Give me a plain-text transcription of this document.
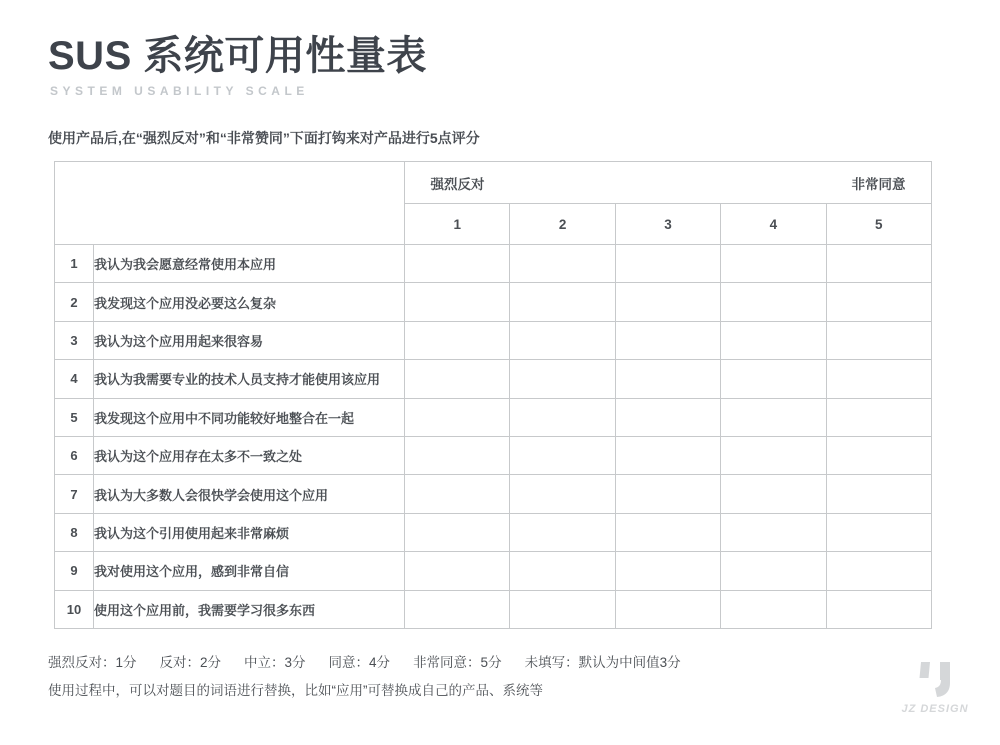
SUS 系统可用性量表
SYSTEM USABILITY SCALE

使用产品后,在“强烈反对”和“非常赞同”下面打钩来对产品进行5点评分

		强烈反对 非常同意				

		1	2	3	4	5
1	我认为我会愿意经常使用本应用					
2	我发现这个应用没必要这么复杂					
3	我认为这个应用用起来很容易					
4	我认为我需要专业的技术人员支持才能使用该应用					
5	我发现这个应用中不同功能较好地整合在一起					
6	我认为这个应用存在太多不一致之处					
7	我认为大多数人会很快学会使用这个应用					
8	我认为这个引用使用起来非常麻烦					
9	我对使用这个应用，感到非常自信					
10	使用这个应用前，我需要学习很多东西					
强烈反对：1分 反对：2分 中立：3分 同意：4分 非常同意：5分 未填写：默认为中间值3分

使用过程中，可以对题目的词语进行替换，比如“应用”可替换成自己的产品、系统等

JZ DESIGN
